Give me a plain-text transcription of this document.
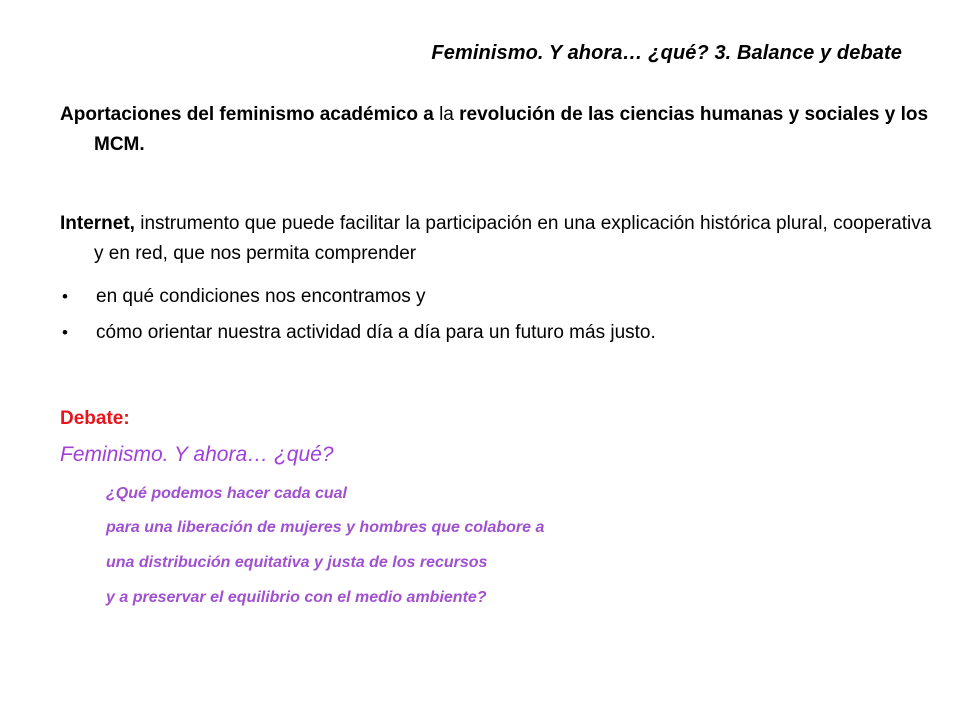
Feminismo. Y ahora… ¿qué? 3. Balance y debate
Aportaciones del feminismo académico a la revolución de las ciencias humanas y sociales y los MCM.
Internet, instrumento que puede facilitar la participación en una explicación histórica plural, cooperativa y en red, que nos permita comprender
• en qué condiciones nos encontramos y
• cómo orientar nuestra actividad día a día para un futuro más justo.
Debate:
Feminismo. Y ahora… ¿qué?
¿Qué podemos hacer cada cual
para una liberación de mujeres y hombres que colabore a
una distribución equitativa y justa de los recursos
y a preservar el equilibrio con el medio ambiente?
